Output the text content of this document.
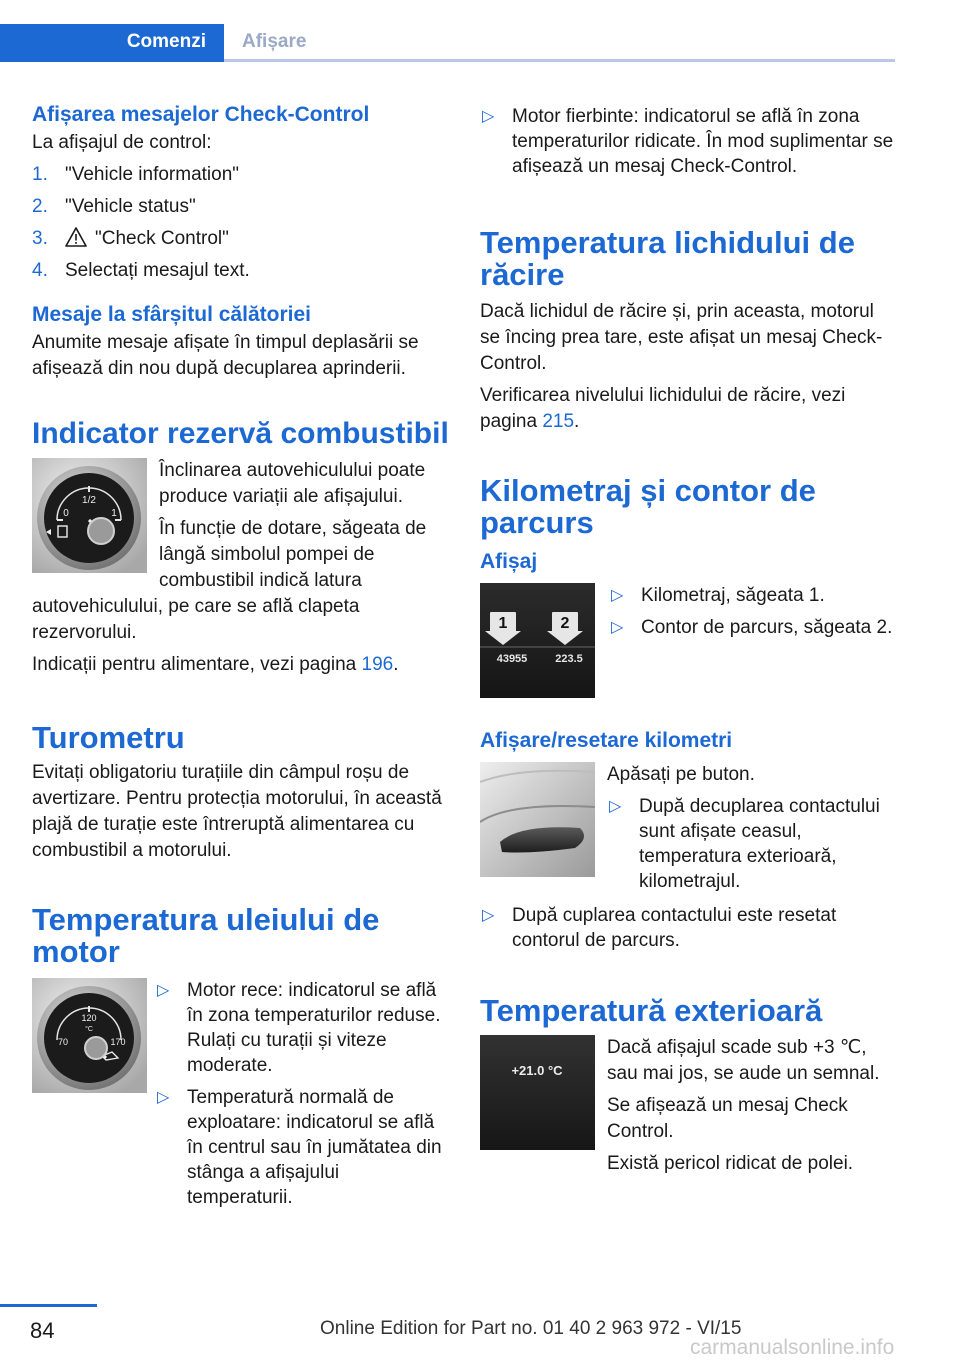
Comenzi Afișare
Afișarea mesajelor Check-Control

La afișajul de control:

1. "Vehicle information"
2. "Vehicle status"
3. "Check Control"
4. Selectați mesajul text.
Mesaje la sfârșitul călătoriei

Anumite mesaje afișate în timpul deplasării se afișează din nou după decuplarea aprinderii.

Indicator rezervă combustibil
1/2
0	1

Înclinarea autovehiculului poate produce variații ale afișajului.

În funcție de dotare, săgeata de lângă simbolul pompei de combustibil indică latura autovehiculului, pe care se află clapeta rezervorului.

Indicații pentru alimentare, vezi pagina 196.

Turometru

Evitați obligatoriu turațiile din câmpul roșu de avertizare. Pentru protecția motorului, în această plajă de turație este întreruptă alimentarea cu combustibil a motorului.

Temperatura uleiului de motor
120
°C
70	170
▷ Motor rece: indicatorul se află în zona temperaturilor reduse. Rulați cu turații și viteze moderate.
▷ Temperatură normală de exploatare: indicatorul se află în centrul sau în jumătatea din stânga a afișajului temperaturii.
▷ Motor fierbinte: indicatorul se află în zona temperaturilor ridicate. În mod suplimentar se afișează un mesaj Check-Control.
Temperatura lichidului de răcire

Dacă lichidul de răcire și, prin aceasta, motorul se încing prea tare, este afișat un mesaj Check-Control.

Verificarea nivelului lichidului de răcire, vezi pagina 215.

Kilometraj și contor de parcurs
Afișaj
1	2
43955	223.5
▷ Kilometraj, săgeata 1.
▷ Contor de parcurs, săgeata 2.
Afișare/resetare kilometri

Apăsați pe buton.

▷ După decuplarea contactului sunt afișate ceasul, temperatura exterioară, kilometrajul.
▷ După cuplarea contactului este resetat contorul de parcurs.
Temperatură exterioară
+21.0 °C

Dacă afișajul scade sub +3 ℃, sau mai jos, se aude un semnal.

Se afișează un mesaj Check Control.

Există pericol ridicat de polei.

84	Online Edition for Part no. 01 40 2 963 972 - VI/15
carmanualsonline.info
